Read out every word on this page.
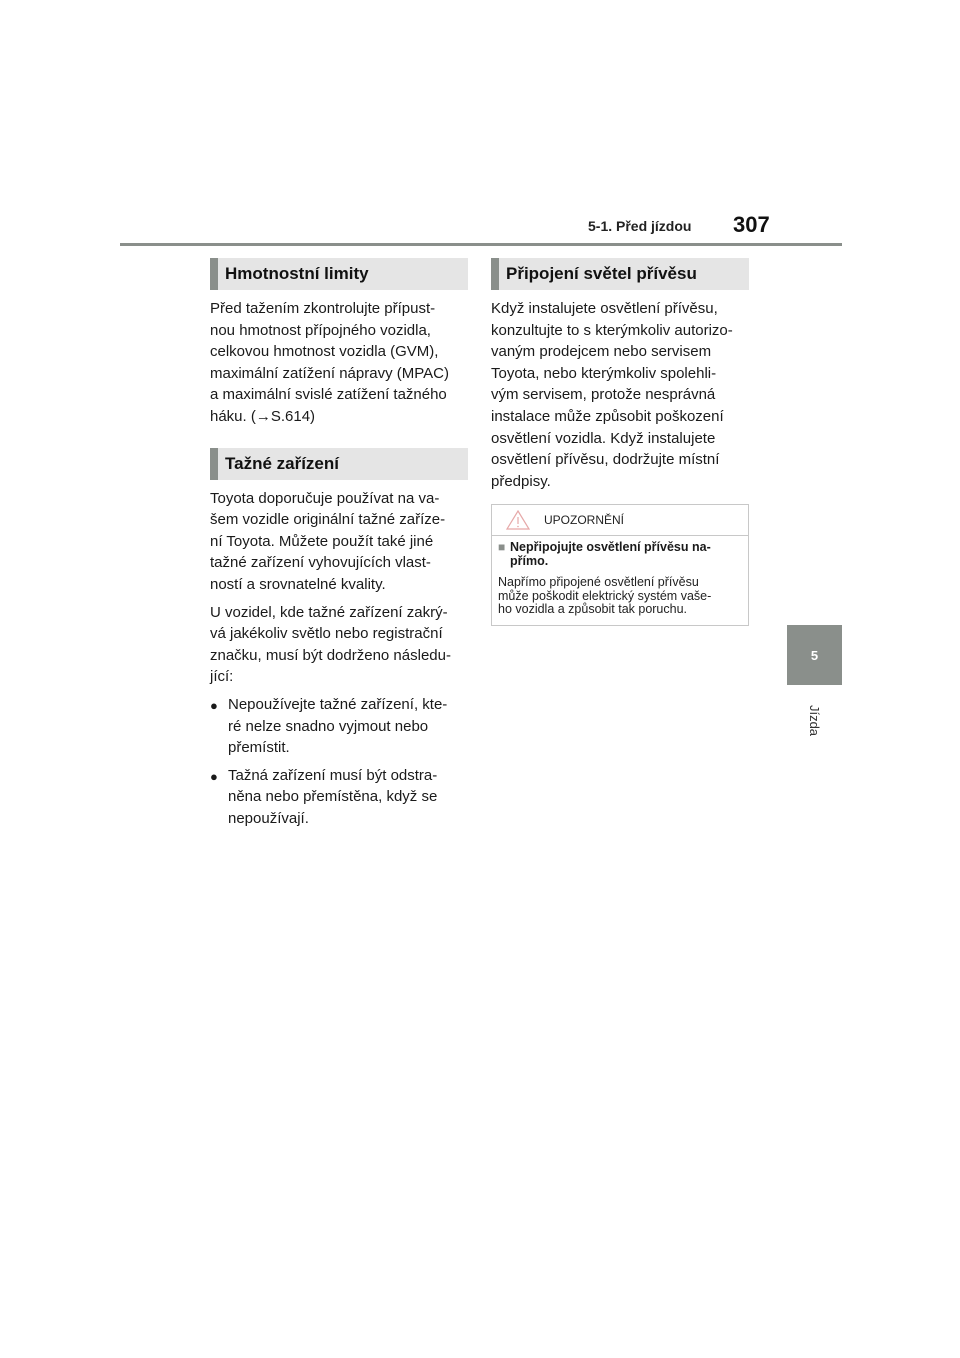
5-1. Před jízdou 307
5
Jízda
Hmotnostní limity
Před tažením zkontrolujte přípust-
nou hmotnost přípojného vozidla,
celkovou hmotnost vozidla (GVM),
maximální zatížení nápravy (MPAC)
a maximální svislé zatížení tažného
háku. (→S.614)
Tažné zařízení
Toyota doporučuje používat na va-
šem vozidle originální tažné zaříze-
ní Toyota. Můžete použít také jiné
tažné zařízení vyhovujících vlast-
ností a srovnatelné kvality.
U vozidel, kde tažné zařízení zakrý-
vá jakékoliv světlo nebo registrační
značku, musí být dodrženo následu-
jící:
● Nepoužívejte tažné zařízení, kte-
ré nelze snadno vyjmout nebo
přemístit.
● Tažná zařízení musí být odstra-
něna nebo přemístěna, když se
nepoužívají.
Připojení světel přívěsu
Když instalujete osvětlení přívěsu,
konzultujte to s kterýmkoliv autorizo-
vaným prodejcem nebo servisem
Toyota, nebo kterýmkoliv spolehli-
vým servisem, protože nesprávná
instalace může způsobit poškození
osvětlení vozidla. Když instalujete
osvětlení přívěsu, dodržujte místní
předpisy.
UPOZORNĚNÍ
■ Nepřipojujte osvětlení přívěsu na-
přímo.
Napřímo připojené osvětlení přívěsu
může poškodit elektrický systém vaše-
ho vozidla a způsobit tak poruchu.
